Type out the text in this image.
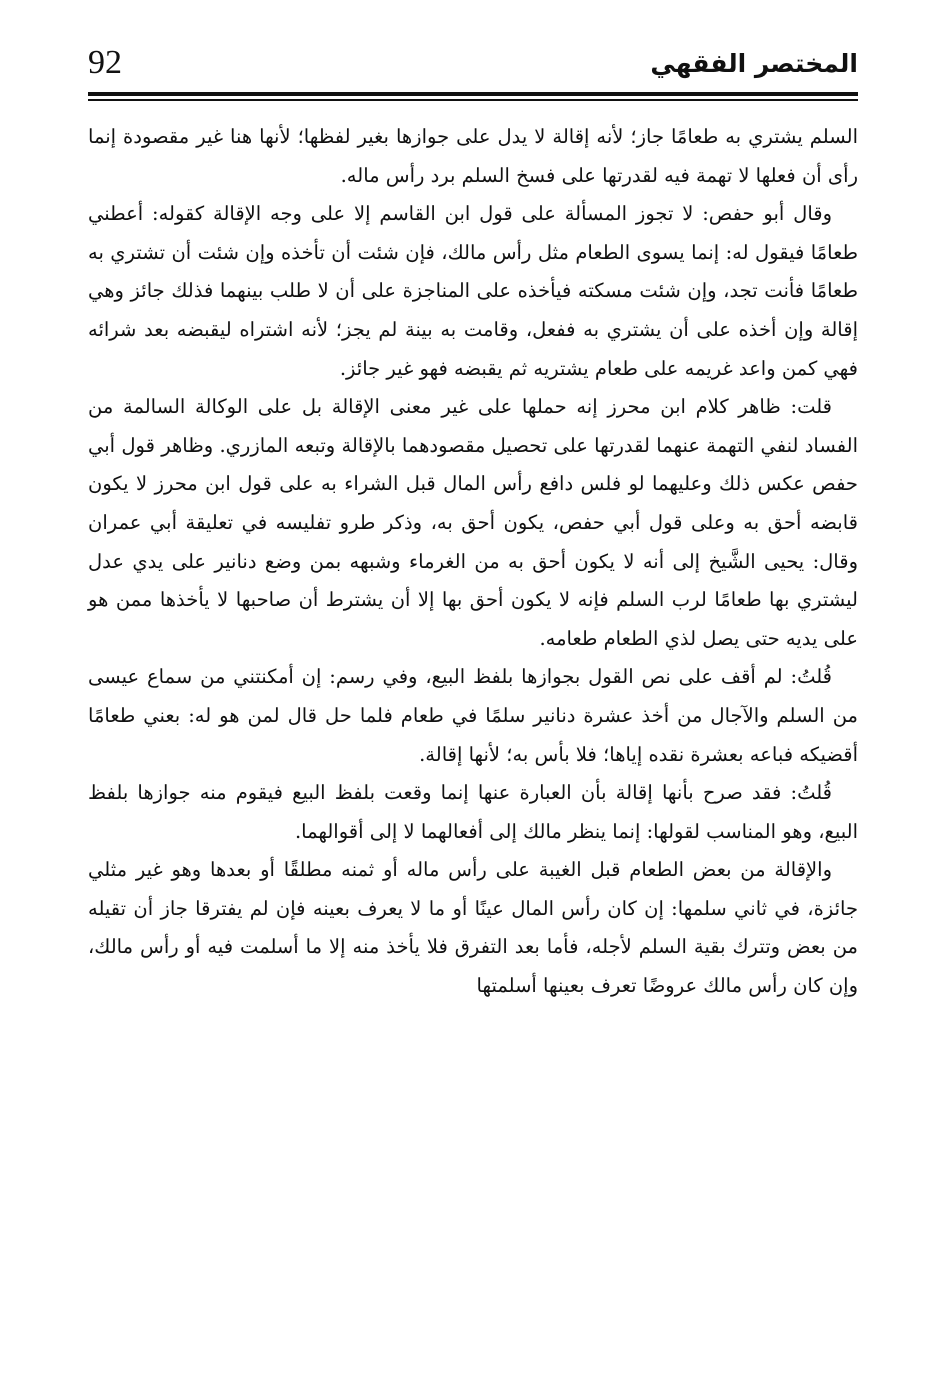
92	المختصر الفقهي

السلم يشتري به طعامًا جاز؛ لأنه إقالة لا يدل على جوازها بغير لفظها؛ لأنها هنا غير مقصودة إنما رأى أن فعلها لا تهمة فيه لقدرتها على فسخ السلم برد رأس ماله.

وقال أبو حفص: لا تجوز المسألة على قول ابن القاسم إلا على وجه الإقالة كقوله: أعطني طعامًا فيقول له: إنما يسوى الطعام مثل رأس مالك، فإن شئت أن تأخذه وإن شئت أن تشتري به طعامًا فأنت تجد، وإن شئت مسكته فيأخذه على المناجزة على أن لا طلب بينهما فذلك جائز وهي إقالة وإن أخذه على أن يشتري به ففعل، وقامت به بينة لم يجز؛ لأنه اشتراه ليقبضه بعد شرائه فهي كمن واعد غريمه على طعام يشتريه ثم يقبضه فهو غير جائز.

قلت: ظاهر كلام ابن محرز إنه حملها على غير معنى الإقالة بل على الوكالة السالمة من الفساد لنفي التهمة عنهما لقدرتها على تحصيل مقصودهما بالإقالة وتبعه المازري. وظاهر قول أبي حفص عكس ذلك وعليهما لو فلس دافع رأس المال قبل الشراء به على قول ابن محرز لا يكون قابضه أحق به وعلى قول أبي حفص، يكون أحق به، وذكر طرو تفليسه في تعليقة أبي عمران وقال: يحيى الشَّيخ إلى أنه لا يكون أحق به من الغرماء وشبهه بمن وضع دنانير على يدي عدل ليشتري بها طعامًا لرب السلم فإنه لا يكون أحق بها إلا أن يشترط أن صاحبها لا يأخذها ممن هو على يديه حتى يصل لذي الطعام طعامه.

قُلتُ: لم أقف على نص القول بجوازها بلفظ البيع، وفي رسم: إن أمكنتني من سماع عيسى من السلم والآجال من أخذ عشرة دنانير سلمًا في طعام فلما حل قال لمن هو له: بعني طعامًا أقضيكه فباعه بعشرة نقده إياها؛ فلا بأس به؛ لأنها إقالة.

قُلتُ: فقد صرح بأنها إقالة بأن العبارة عنها إنما وقعت بلفظ البيع فيقوم منه جوازها بلفظ البيع، وهو المناسب لقولها: إنما ينظر مالك إلى أفعالهما لا إلى أقوالهما.

والإقالة من بعض الطعام قبل الغيبة على رأس ماله أو ثمنه مطلقًا أو بعدها وهو غير مثلي جائزة، في ثاني سلمها: إن كان رأس المال عينًا أو ما لا يعرف بعينه فإن لم يفترقا جاز أن تقيله من بعض وتترك بقية السلم لأجله، فأما بعد التفرق فلا يأخذ منه إلا ما أسلمت فيه أو رأس مالك، وإن كان رأس مالك عروضًا تعرف بعينها أسلمتها
